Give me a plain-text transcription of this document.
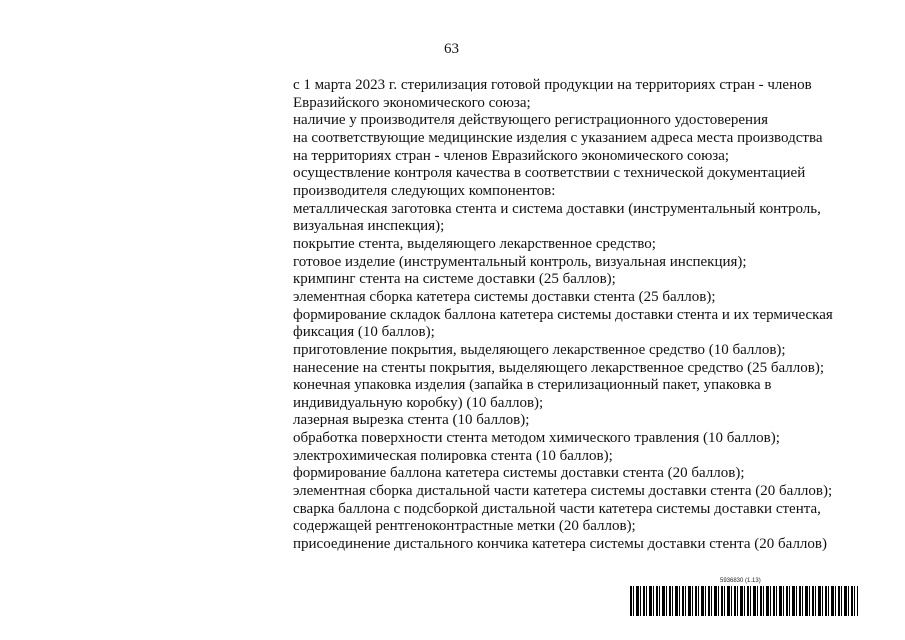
63
с 1 марта 2023 г. стерилизация готовой продукции на территориях стран - членов
Евразийского экономического союза;
наличие у производителя действующего регистрационного удостоверения
на соответствующие медицинские изделия с указанием адреса места производства
на территориях стран - членов Евразийского экономического союза;
осуществление контроля качества в соответствии с технической документацией
производителя следующих компонентов:
металлическая заготовка стента и система доставки (инструментальный контроль,
визуальная инспекция);
покрытие стента, выделяющего лекарственное средство;
готовое изделие (инструментальный контроль, визуальная инспекция);
кримпинг стента на системе доставки (25 баллов);
элементная сборка катетера системы доставки стента (25 баллов);
формирование складок баллона катетера системы доставки стента и их термическая
фиксация (10 баллов);
приготовление покрытия, выделяющего лекарственное средство (10 баллов);
нанесение на стенты покрытия, выделяющего лекарственное средство (25 баллов);
конечная упаковка изделия (запайка в стерилизационный пакет, упаковка в
индивидуальную коробку) (10 баллов);
лазерная вырезка стента (10 баллов);
обработка поверхности стента методом химического травления (10 баллов);
электрохимическая полировка стента (10 баллов);
формирование баллона катетера системы доставки стента (20 баллов);
элементная сборка дистальной части катетера системы доставки стента (20 баллов);
сварка баллона с подсборкой дистальной части катетера системы доставки стента,
содержащей рентгеноконтрастные метки (20 баллов);
присоединение дистального кончика катетера системы доставки стента (20 баллов)
5936830 (1.13)
